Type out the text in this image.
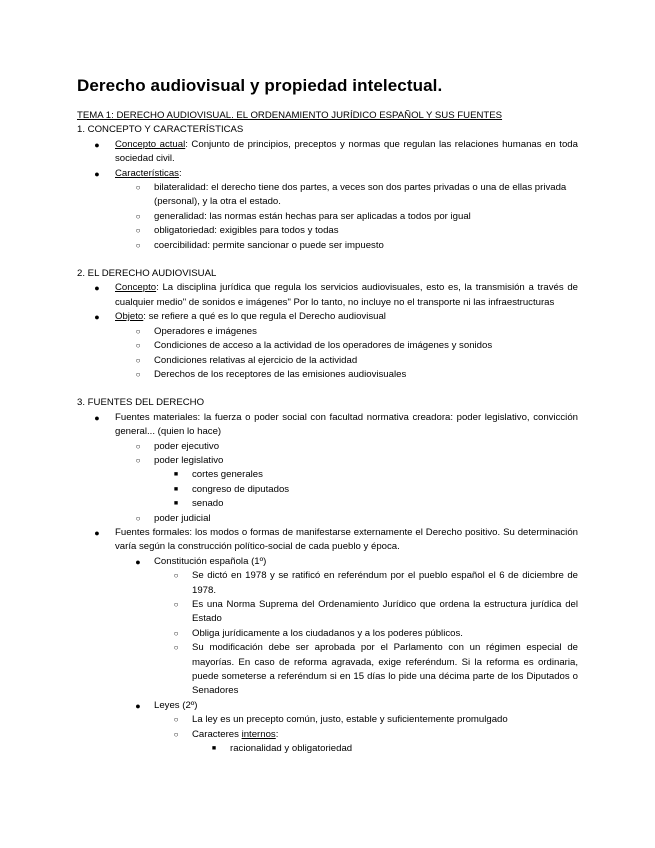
Derecho audiovisual y propiedad intelectual.
TEMA 1: DERECHO AUDIOVISUAL. EL ORDENAMIENTO JURÍDICO ESPAÑOL Y SUS FUENTES
1. CONCEPTO Y CARACTERÍSTICAS
●	Concepto actual: Conjunto de principios, preceptos y normas que regulan las relaciones humanas en toda sociedad civil.
●	Características:
○	bilateralidad: el derecho tiene dos partes, a veces son dos partes privadas o una de ellas privada (personal), y la otra el estado.
○	generalidad: las normas están hechas para ser aplicadas a todos por igual
○	obligatoriedad: exigibles para todos y todas
○	coercibilidad: permite sancionar o puede ser impuesto
2. EL DERECHO AUDIOVISUAL
●	Concepto: La disciplina jurídica que regula los servicios audiovisuales, esto es, la transmisión a través de cualquier medio" de sonidos e imágenes" Por lo tanto, no incluye no el transporte ni las infraestructuras
●	Objeto: se refiere a qué es lo que regula el Derecho audiovisual
○	Operadores e imágenes
○	Condiciones de acceso a la actividad de los operadores de imágenes y sonidos
○	Condiciones relativas al ejercicio de la actividad
○	Derechos de los receptores de las emisiones audiovisuales
3. FUENTES DEL DERECHO
●	Fuentes materiales: la fuerza o poder social con facultad normativa creadora: poder legislativo, convicción general... (quien lo hace)
○	poder ejecutivo
○	poder legislativo
■	cortes generales
■	congreso de diputados
■	senado
○	poder judicial
●	Fuentes formales: los modos o formas de manifestarse externamente el Derecho positivo. Su determinación varía según la construcción político-social de cada pueblo y época.
●	Constitución española (1º)
○	Se dictó en 1978 y se ratificó en referéndum por el pueblo español el 6 de diciembre de 1978.
○	Es una Norma Suprema del Ordenamiento Jurídico que ordena la estructura jurídica del Estado
○	Obliga jurídicamente a los ciudadanos y a los poderes públicos.
○	Su modificación debe ser aprobada por el Parlamento con un régimen especial de mayorías. En caso de reforma agravada, exige referéndum. Si la reforma es ordinaria, puede someterse a referéndum si en 15 días lo pide una décima parte de los Diputados o Senadores
●	Leyes (2º)
○	La ley es un precepto común, justo, estable y suficientemente promulgado
○	Caracteres internos:
■	racionalidad y obligatoriedad
